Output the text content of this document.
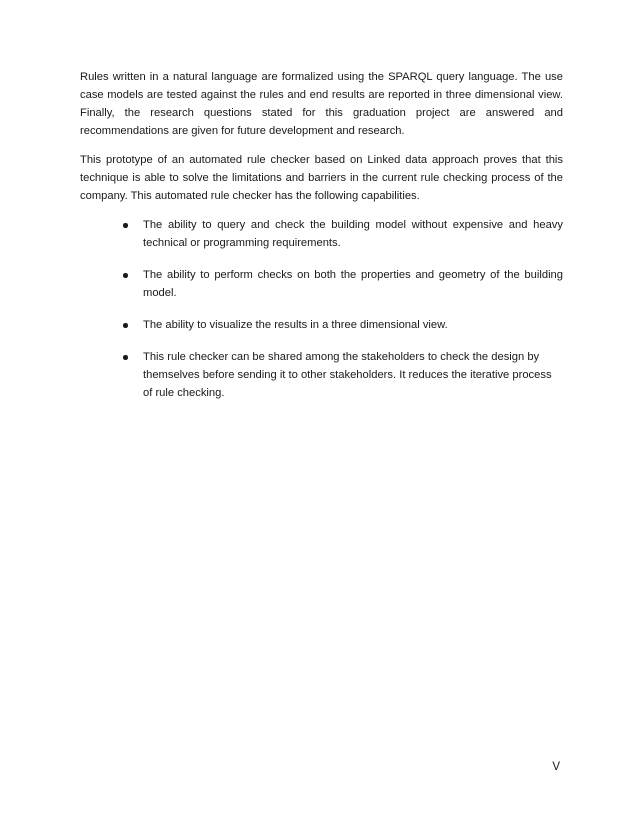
Rules written in a natural language are formalized using the SPARQL query language. The use case models are tested against the rules and end results are reported in three dimensional view. Finally, the research questions stated for this graduation project are answered and recommendations are given for future development and research.

This prototype of an automated rule checker based on Linked data approach proves that this technique is able to solve the limitations and barriers in the current rule checking process of the company. This automated rule checker has the following capabilities.

The ability to query and check the building model without expensive and heavy technical or programming requirements.
The ability to perform checks on both the properties and geometry of the building model.
The ability to visualize the results in a three dimensional view.
This rule checker can be shared among the stakeholders to check the design by themselves before sending it to other stakeholders. It reduces the iterative process of rule checking.
V
